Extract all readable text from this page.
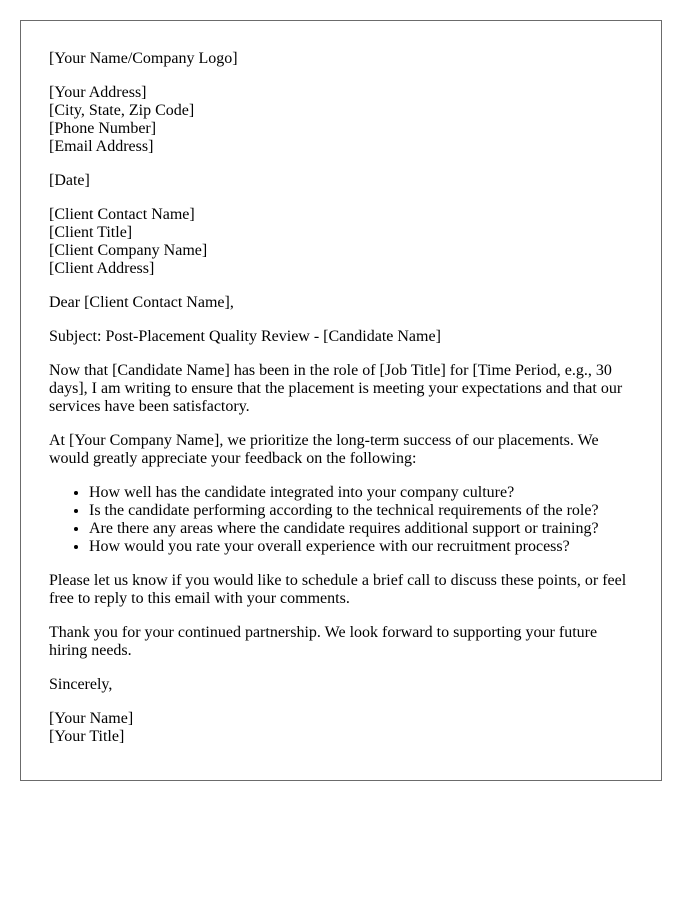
[Your Name/Company Logo]
[Your Address]
[City, State, Zip Code]
[Phone Number]
[Email Address]
[Date]
[Client Contact Name]
[Client Title]
[Client Company Name]
[Client Address]

Dear [Client Contact Name],

Subject: Post-Placement Quality Review - [Candidate Name]

Now that [Candidate Name] has been in the role of [Job Title] for [Time Period, e.g., 30 days], I am writing to ensure that the placement is meeting your expectations and that our services have been satisfactory.

At [Your Company Name], we prioritize the long-term success of our placements. We would greatly appreciate your feedback on the following:

• How well has the candidate integrated into your company culture?
• Is the candidate performing according to the technical requirements of the role?
• Are there any areas where the candidate requires additional support or training?
• How would you rate your overall experience with our recruitment process?

Please let us know if you would like to schedule a brief call to discuss these points, or feel free to reply to this email with your comments.

Thank you for your continued partnership. We look forward to supporting your future hiring needs.

Sincerely,

[Your Name]
[Your Title]
